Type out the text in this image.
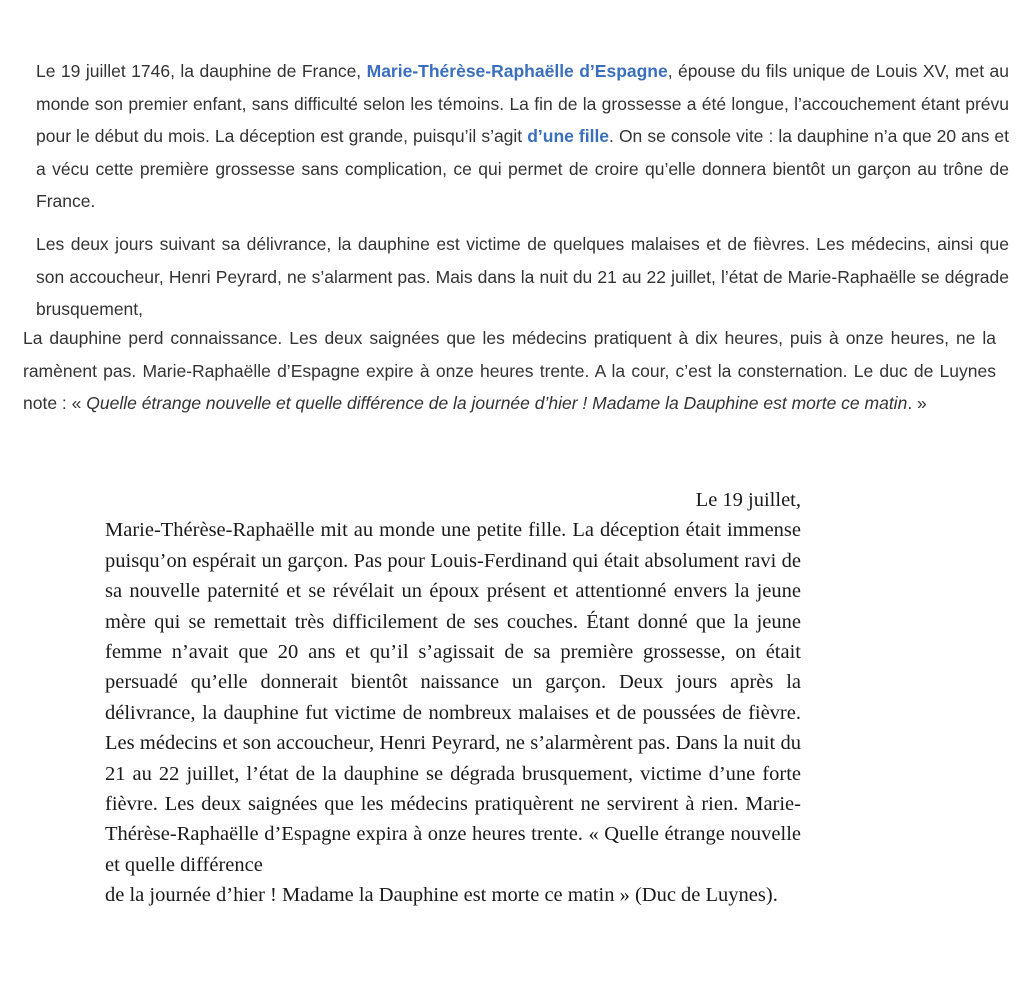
Le 19 juillet 1746, la dauphine de France, Marie-Thérèse-Raphaëlle d’Espagne, épouse du fils unique de Louis XV, met au monde son premier enfant, sans difficulté selon les témoins. La fin de la grossesse a été longue, l’accouchement étant prévu pour le début du mois. La déception est grande, puisqu’il s’agit d’une fille. On se console vite : la dauphine n’a que 20 ans et a vécu cette première grossesse sans complication, ce qui permet de croire qu’elle donnera bientôt un garçon au trône de France.

Les deux jours suivant sa délivrance, la dauphine est victime de quelques malaises et de fièvres. Les médecins, ainsi que son accoucheur, Henri Peyrard, ne s’alarment pas. Mais dans la nuit du 21 au 22 juillet, l’état de Marie-Raphaëlle se dégrade brusquement,

La dauphine perd connaissance. Les deux saignées que les médecins pratiquent à dix heures, puis à onze heures, ne la ramènent pas. Marie-Raphaëlle d’Espagne expire à onze heures trente. A la cour, c’est la consternation. Le duc de Luynes note : « Quelle étrange nouvelle et quelle différence de la journée d’hier ! Madame la Dauphine est morte ce matin. »

Le 19 juillet,
Marie-Thérèse-Raphaëlle mit au monde une petite fille. La déception était immense puisqu’on espérait un garçon. Pas pour Louis-Ferdinand qui était absolument ravi de sa nouvelle paternité et se révélait un époux présent et attentionné envers la jeune mère qui se remettait très difficilement de ses couches. Étant donné que la jeune femme n’avait que 20 ans et qu’il s’agissait de sa première grossesse, on était persuadé qu’elle donnerait bientôt naissance un garçon. Deux jours après la délivrance, la dauphine fut victime de nombreux malaises et de poussées de fièvre. Les médecins et son accoucheur, Henri Peyrard, ne s’alarmèrent pas. Dans la nuit du 21 au 22 juillet, l’état de la dauphine se dégrada brusquement, victime d’une forte fièvre. Les deux saignées que les médecins pratiquèrent ne servirent à rien. Marie-Thérèse-Raphaëlle d’Espagne expira à onze heures trente. « Quelle étrange nouvelle et quelle différence
de la journée d’hier ! Madame la Dauphine est morte ce matin » (Duc de Luynes).
